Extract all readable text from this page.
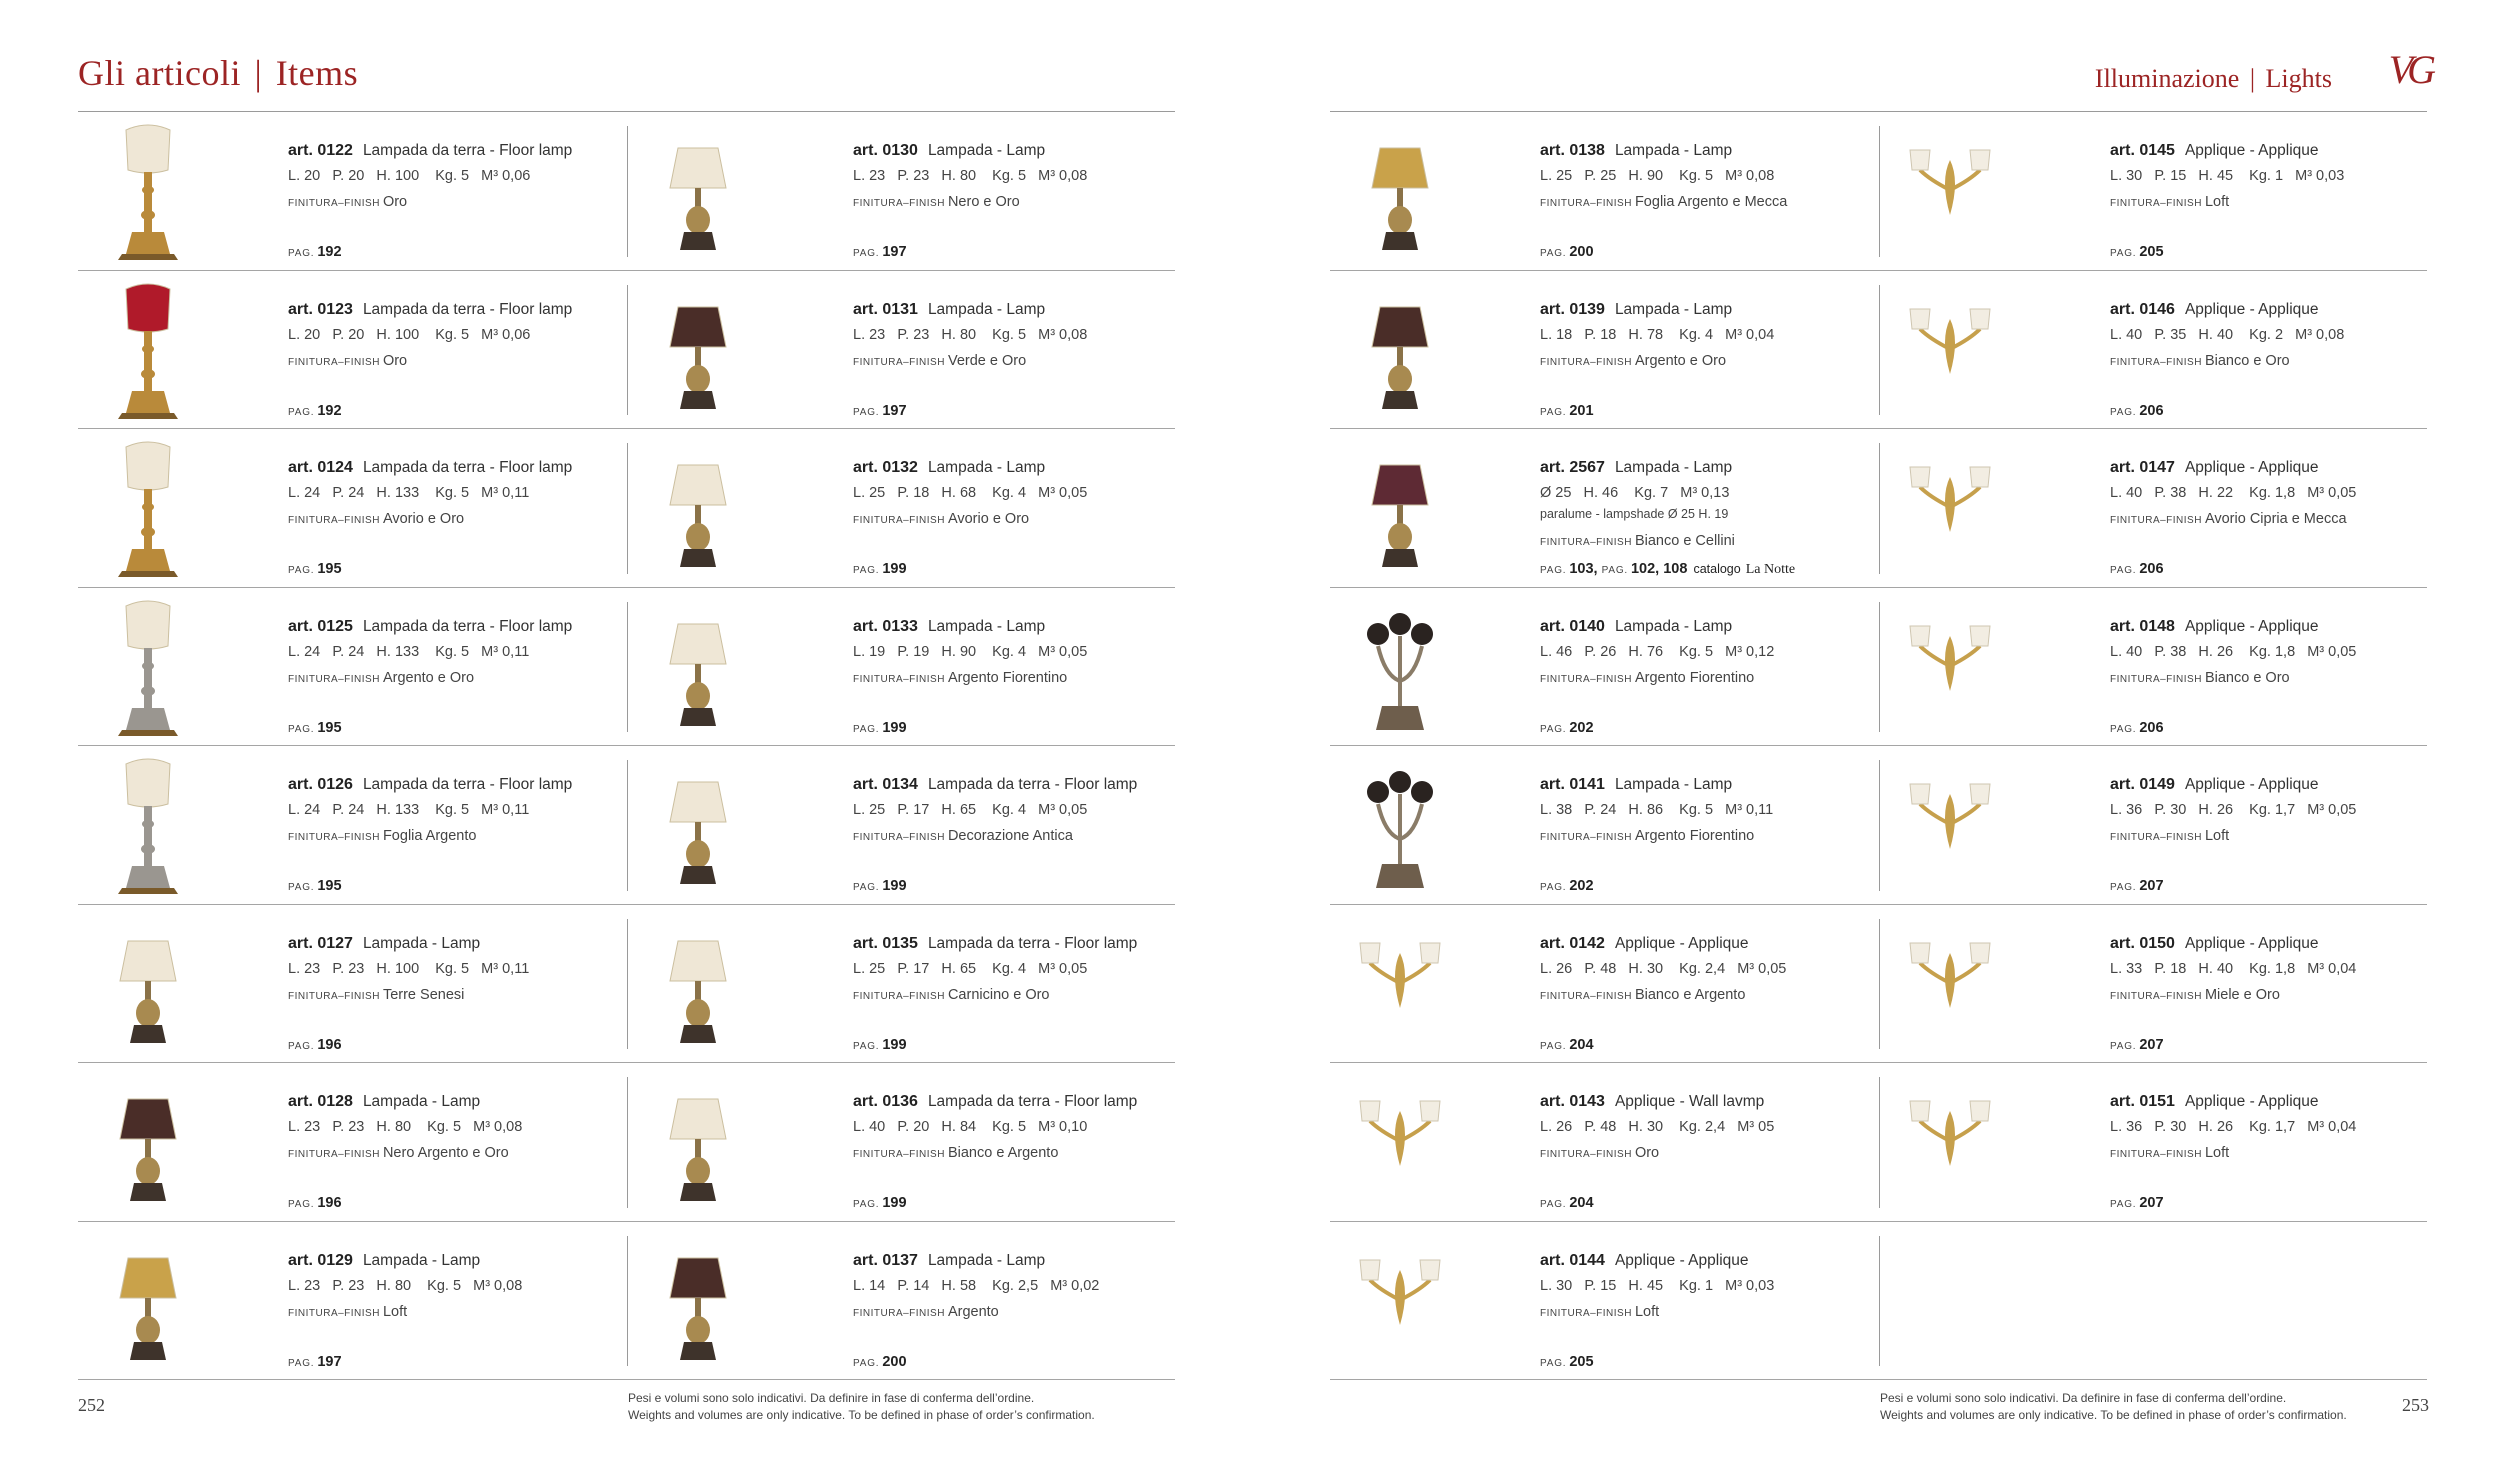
Gli articoli | Items	Illuminazione | Lights VG
art. 0122 Lampada da terra - Floor lamp
L. 20   P. 20   H. 100    Kg. 5   M³ 0,06
FINITURA–FINISH Oro
PAG. 192
art. 0123 Lampada da terra - Floor lamp
L. 20   P. 20   H. 100    Kg. 5   M³ 0,06
FINITURA–FINISH Oro
PAG. 192
art. 0124 Lampada da terra - Floor lamp
L. 24   P. 24   H. 133    Kg. 5   M³ 0,11
FINITURA–FINISH Avorio e Oro
PAG. 195
art. 0125 Lampada da terra - Floor lamp
L. 24   P. 24   H. 133    Kg. 5   M³ 0,11
FINITURA–FINISH Argento e Oro
PAG. 195
art. 0126 Lampada da terra - Floor lamp
L. 24   P. 24   H. 133    Kg. 5   M³ 0,11
FINITURA–FINISH Foglia Argento
PAG. 195
art. 0127 Lampada - Lamp
L. 23   P. 23   H. 100    Kg. 5   M³ 0,11
FINITURA–FINISH Terre Senesi
PAG. 196
art. 0128 Lampada - Lamp
L. 23   P. 23   H. 80    Kg. 5   M³ 0,08
FINITURA–FINISH Nero Argento e Oro
PAG. 196
art. 0129 Lampada - Lamp
L. 23   P. 23   H. 80    Kg. 5   M³ 0,08
FINITURA–FINISH Loft
PAG. 197
art. 0130 Lampada - Lamp
L. 23   P. 23   H. 80    Kg. 5   M³ 0,08
FINITURA–FINISH Nero e Oro
PAG. 197
art. 0131 Lampada - Lamp
L. 23   P. 23   H. 80    Kg. 5   M³ 0,08
FINITURA–FINISH Verde e Oro
PAG. 197
art. 0132 Lampada - Lamp
L. 25   P. 18   H. 68    Kg. 4   M³ 0,05
FINITURA–FINISH Avorio e Oro
PAG. 199
art. 0133 Lampada - Lamp
L. 19   P. 19   H. 90    Kg. 4   M³ 0,05
FINITURA–FINISH Argento Fiorentino
PAG. 199
art. 0134 Lampada da terra - Floor lamp
L. 25   P. 17   H. 65    Kg. 4   M³ 0,05
FINITURA–FINISH Decorazione Antica
PAG. 199
art. 0135 Lampada da terra - Floor lamp
L. 25   P. 17   H. 65    Kg. 4   M³ 0,05
FINITURA–FINISH Carnicino e Oro
PAG. 199
art. 0136 Lampada da terra - Floor lamp
L. 40   P. 20   H. 84    Kg. 5   M³ 0,10
FINITURA–FINISH Bianco e Argento
PAG. 199
art. 0137 Lampada - Lamp
L. 14   P. 14   H. 58    Kg. 2,5   M³ 0,02
FINITURA–FINISH Argento
PAG. 200
art. 0138 Lampada - Lamp
L. 25   P. 25   H. 90    Kg. 5   M³ 0,08
FINITURA–FINISH Foglia Argento e Mecca
PAG. 200
art. 0139 Lampada - Lamp
L. 18   P. 18   H. 78    Kg. 4   M³ 0,04
FINITURA–FINISH Argento e Oro
PAG. 201
art. 2567 Lampada - Lamp
Ø 25   H. 46    Kg. 7   M³ 0,13
paralume - lampshade Ø 25 H. 19
FINITURA–FINISH Bianco e Cellini
PAG. 103, PAG. 102, 108 catalogo La Notte
art. 0140 Lampada - Lamp
L. 46   P. 26   H. 76    Kg. 5   M³ 0,12
FINITURA–FINISH Argento Fiorentino
PAG. 202
art. 0141 Lampada - Lamp
L. 38   P. 24   H. 86    Kg. 5   M³ 0,11
FINITURA–FINISH Argento Fiorentino
PAG. 202
art. 0142 Applique - Applique
L. 26   P. 48   H. 30    Kg. 2,4   M³ 0,05
FINITURA–FINISH Bianco e Argento
PAG. 204
art. 0143 Applique - Wall lavmp
L. 26   P. 48   H. 30    Kg. 2,4   M³ 05
FINITURA–FINISH Oro
PAG. 204
art. 0144 Applique - Applique
L. 30   P. 15   H. 45    Kg. 1   M³ 0,03
FINITURA–FINISH Loft
PAG. 205
art. 0145 Applique - Applique
L. 30   P. 15   H. 45    Kg. 1   M³ 0,03
FINITURA–FINISH Loft
PAG. 205
art. 0146 Applique - Applique
L. 40   P. 35   H. 40    Kg. 2   M³ 0,08
FINITURA–FINISH Bianco e Oro
PAG. 206
art. 0147 Applique - Applique
L. 40   P. 38   H. 22    Kg. 1,8   M³ 0,05
FINITURA–FINISH Avorio Cipria e Mecca
PAG. 206
art. 0148 Applique - Applique
L. 40   P. 38   H. 26    Kg. 1,8   M³ 0,05
FINITURA–FINISH Bianco e Oro
PAG. 206
art. 0149 Applique - Applique
L. 36   P. 30   H. 26    Kg. 1,7   M³ 0,05
FINITURA–FINISH Loft
PAG. 207
art. 0150 Applique - Applique
L. 33   P. 18   H. 40    Kg. 1,8   M³ 0,04
FINITURA–FINISH Miele e Oro
PAG. 207
art. 0151 Applique - Applique
L. 36   P. 30   H. 26    Kg. 1,7   M³ 0,04
FINITURA–FINISH Loft
PAG. 207
252	Pesi e volumi sono solo indicativi. Da definire in fase di conferma dell’ordine.
Weights and volumes are only indicative. To be defined in phase of order’s confirmation.
Pesi e volumi sono solo indicativi. Da definire in fase di conferma dell’ordine.
Weights and volumes are only indicative. To be defined in phase of order’s confirmation.	253
